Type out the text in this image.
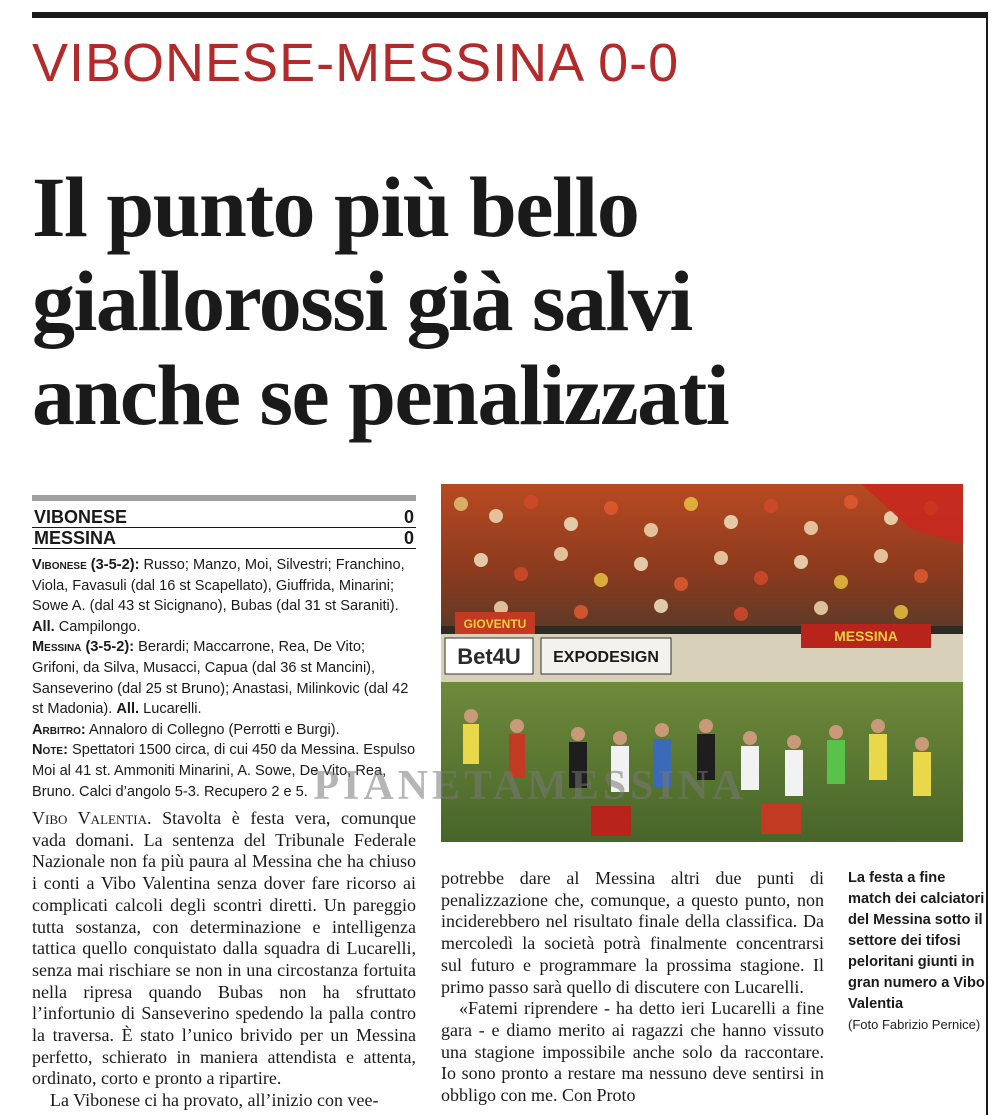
VIBONESE-MESSINA 0-0
Il punto più bello
giallorossi già salvi
anche se penalizzati
VIBONESE	0
MESSINA	0

Vibonese (3-5-2): Russo; Manzo, Moi, Silvestri; Franchino, Viola, Favasuli (dal 16 st Scapellato), Giuffrida, Minarini; Sowe A. (dal 43 st Sicignano), Bubas (dal 31 st Saraniti). All. Campilongo.

Messina (3-5-2): Berardi; Maccarrone, Rea, De Vito; Grifoni, da Silva, Musacci, Capua (dal 36 st Mancini), Sanseverino (dal 25 st Bruno); Anastasi, Milinkovic (dal 42 st Madonia). All. Lucarelli.

Arbitro: Annaloro di Collegno (Perrotti e Burgi).

Note: Spettatori 1500 circa, di cui 450 da Messina. Espulso Moi al 41 st. Ammoniti Minarini, A. Sowe, De Vito, Rea, Bruno. Calci d’angolo 5-3. Recupero 2 e 5.

Vibo Valentia. Stavolta è festa vera, comunque vada domani. La sentenza del Tribunale Federale Nazionale non fa più paura al Messina che ha chiuso i conti a Vibo Valentina senza dover fare ricorso ai complicati calcoli degli scontri diretti. Un pareggio tutta sostanza, con determinazione e intelligenza tattica quello conquistato dalla squadra di Lucarelli, senza mai rischiare se non in una circostanza fortuita nella ripresa quando Bubas non ha sfruttato l’infortunio di Sanseverino spedendo la palla contro la traversa. È stato l’unico brivido per un Messina perfetto, schierato in maniera attendista e attenta, ordinato, corto e pronto a ripartire.

La Vibonese ci ha provato, all’inizio con vee-

Bet4U EXPODESIGN
GIOVENTU
MESSINA
PIANETAMESSINA

potrebbe dare al Messina altri due punti di penalizzazione che, comunque, a questo punto, non inciderebbero nel risultato finale della classifica. Da mercoledì la società potrà finalmente concentrarsi sul futuro e programmare la prossima stagione. Il primo passo sarà quello di discutere con Lucarelli.

«Fatemi riprendere - ha detto ieri Lucarelli a fine gara - e diamo merito ai ragazzi che hanno vissuto una stagione impossibile anche solo da raccontare. Io sono pronto a restare ma nessuno deve sentirsi in obbligo con me. Con Proto

La festa a fine match dei calciatori del Messina sotto il settore dei tifosi peloritani giunti in gran numero a Vibo Valentia

(Foto Fabrizio Pernice)
